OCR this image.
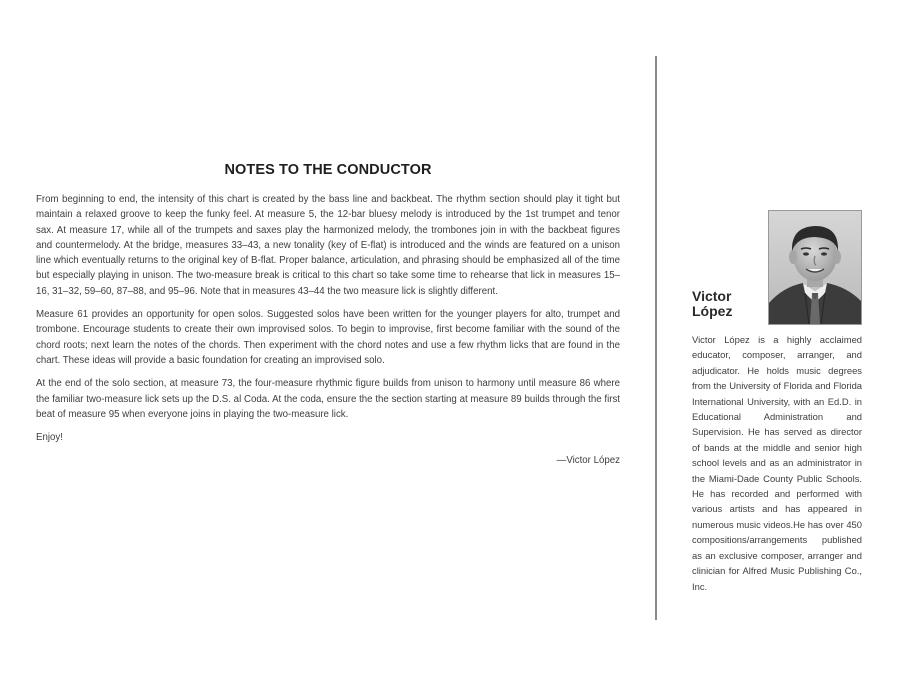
NOTES TO THE CONDUCTOR

From beginning to end, the intensity of this chart is created by the bass line and backbeat. The rhythm section should play it tight but maintain a relaxed groove to keep the funky feel. At measure 5, the 12-bar bluesy melody is introduced by the 1st trumpet and tenor sax. At measure 17, while all of the trumpets and saxes play the harmonized melody, the trombones join in with the backbeat figures and countermelody. At the bridge, measures 33–43, a new tonality (key of E-flat) is introduced and the winds are featured on a unison line which eventually returns to the original key of B-flat. Proper balance, articulation, and phrasing should be emphasized all of the time but especially playing in unison. The two-measure break is critical to this chart so take some time to rehearse that lick in measures 15–16, 31–32, 59–60, 87–88, and 95–96. Note that in measures 43–44 the two measure lick is slightly different.

Measure 61 provides an opportunity for open solos. Suggested solos have been written for the younger players for alto, trumpet and trombone. Encourage students to create their own improvised solos. To begin to improvise, first become familiar with the sound of the chord roots; next learn the notes of the chords. Then experiment with the chord notes and use a few rhythm licks that are found in the chart. These ideas will provide a basic foundation for creating an improvised solo.

At the end of the solo section, at measure 73, the four-measure rhythmic figure builds from unison to harmony until measure 86 where the familiar two-measure lick sets up the D.S. al Coda. At the coda, ensure the the section starting at measure 89 builds through the first beat of measure 95 when everyone joins in playing the two-measure lick.

Enjoy!

—Victor López
Victor
López

Victor López is a highly acclaimed educator, composer, arranger, and adjudicator. He holds music degrees from the University of Florida and Florida International University, with an Ed.D. in Educational Administration and Supervision. He has served as director of bands at the middle and senior high school levels and as an administrator in the Miami-Dade County Public Schools. He has recorded and performed with various artists and has appeared in numerous music videos.He has over 450 compositions/arrangements published as an exclusive composer, arranger and clinician for Alfred Music Publishing Co., Inc.
